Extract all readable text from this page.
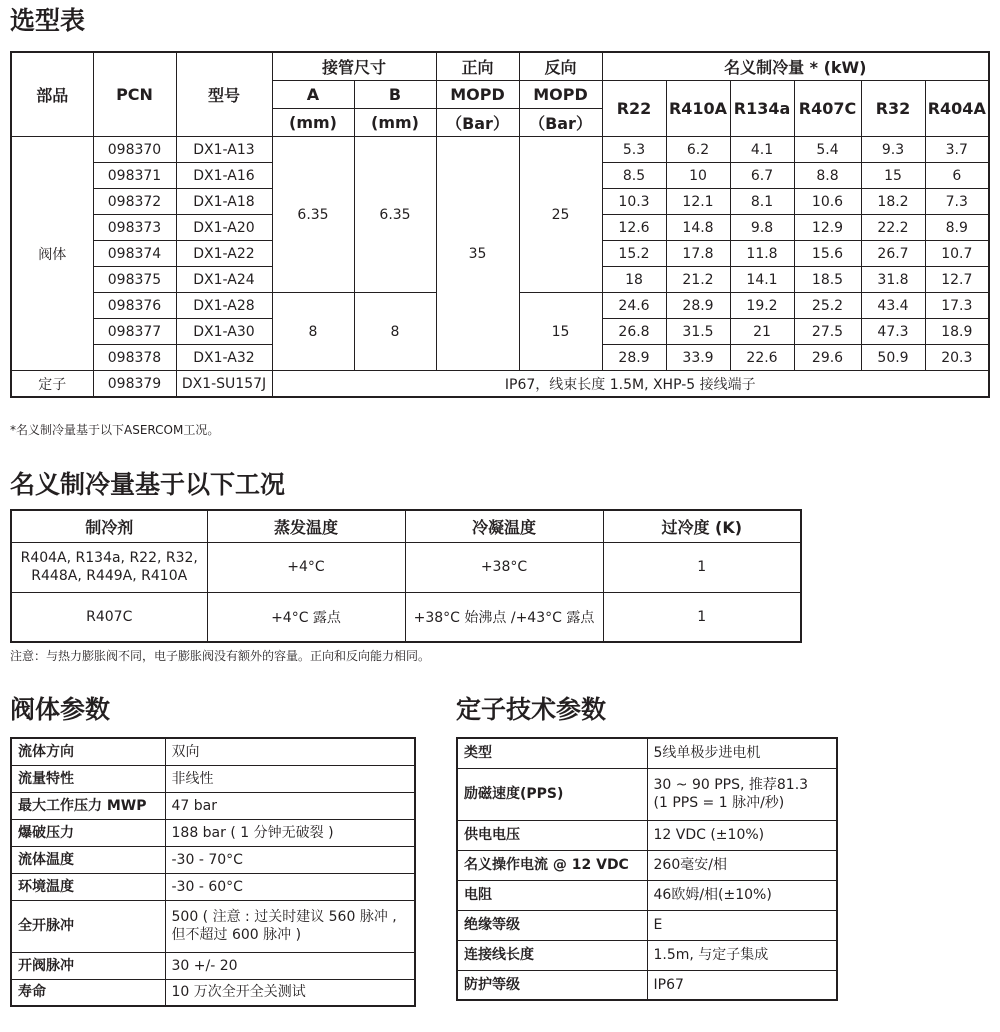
选型表
部品	PCN	型号	接管尺寸		正向	反向	名义制冷量 * (kW)					
			A	B	MOPD	MOPD	R22	R410A	R134a	R407C	R32	R404A
			(mm)	(mm)	（Bar）	（Bar）						
阀体	098370	DX1-A13	6.35	6.35	35	25	5.3	6.2	4.1	5.4	9.3	3.7
	098371	DX1-A16					8.5	10	6.7	8.8	15	6
	098372	DX1-A18					10.3	12.1	8.1	10.6	18.2	7.3
	098373	DX1-A20					12.6	14.8	9.8	12.9	22.2	8.9
	098374	DX1-A22					15.2	17.8	11.8	15.6	26.7	10.7
	098375	DX1-A24					18	21.2	14.1	18.5	31.8	12.7
	098376	DX1-A28	8	8		15	24.6	28.9	19.2	25.2	43.4	17.3
	098377	DX1-A30					26.8	31.5	21	27.5	47.3	18.9
	098378	DX1-A32					28.9	33.9	22.6	29.6	50.9	20.3
定子	098379	DX1-SU157J	IP67，线束长度 1.5M, XHP-5 接线端子									
*名义制冷量基于以下ASERCOM工况。
名义制冷量基于以下工况
制冷剂	蒸发温度	冷凝温度	过冷度 (K)

R404A, R134a, R22, R32,
R448A, R449A, R410A	+4°C	+38°C	1
R407C	+4°C 露点	+38°C 始沸点 /+43°C 露点	1
注意：与热力膨胀阀不同，电子膨胀阀没有额外的容量。正向和反向能力相同。
阀体参数
流体方向	双向
流量特性	非线性
最大工作压力 MWP	47 bar
爆破压力	188 bar ( 1 分钟无破裂 )
流体温度	-30 - 70°C
环境温度	-30 - 60°C
全开脉冲	500 ( 注意 : 过关时建议 560 脉冲 ,
但不超过 600 脉冲 )

开阀脉冲	30 +/- 20
寿命	10 万次全开全关测试
定子技术参数
类型	5线单极步进电机
励磁速度(PPS)	30 ~ 90 PPS, 推荐81.3
(1 PPS = 1 脉冲/秒)

供电电压	12 VDC (±10%)
名义操作电流 @ 12 VDC	260毫安/相
电阻	46欧姆/相(±10%)
绝缘等级	E
连接线长度	1.5m, 与定子集成
防护等级	IP67
